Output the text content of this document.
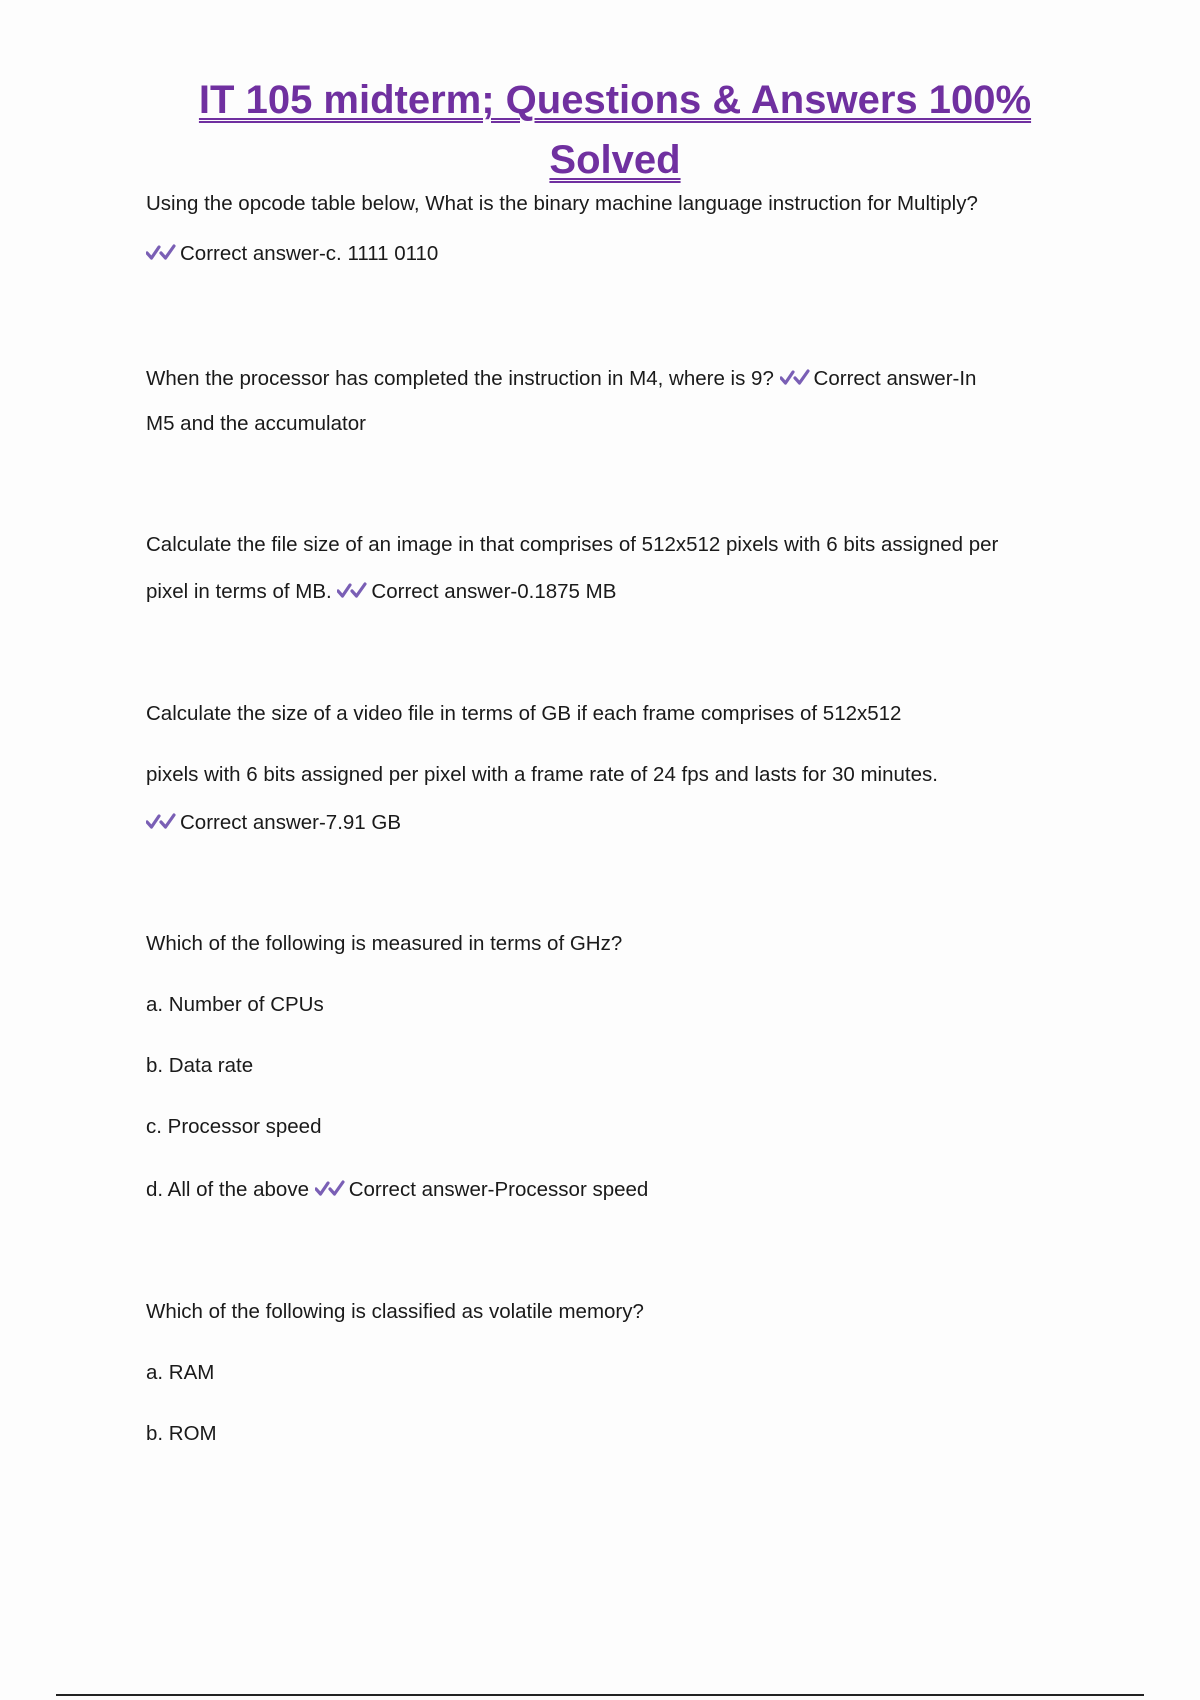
IT 105 midterm; Questions & Answers 100%
Solved
Using the opcode table below, What is the binary machine language instruction for Multiply?
Correct answer-c. 1111 0110
When the processor has completed the instruction in M4, where is 9? Correct answer-In
M5 and the accumulator
Calculate the file size of an image in that comprises of 512x512 pixels with 6 bits assigned per
pixel in terms of MB. Correct answer-0.1875 MB
Calculate the size of a video file in terms of GB if each frame comprises of 512x512
pixels with 6 bits assigned per pixel with a frame rate of 24 fps and lasts for 30 minutes.
Correct answer-7.91 GB
Which of the following is measured in terms of GHz?
a. Number of CPUs
b. Data rate
c. Processor speed
d. All of the above Correct answer-Processor speed
Which of the following is classified as volatile memory?
a. RAM
b. ROM
